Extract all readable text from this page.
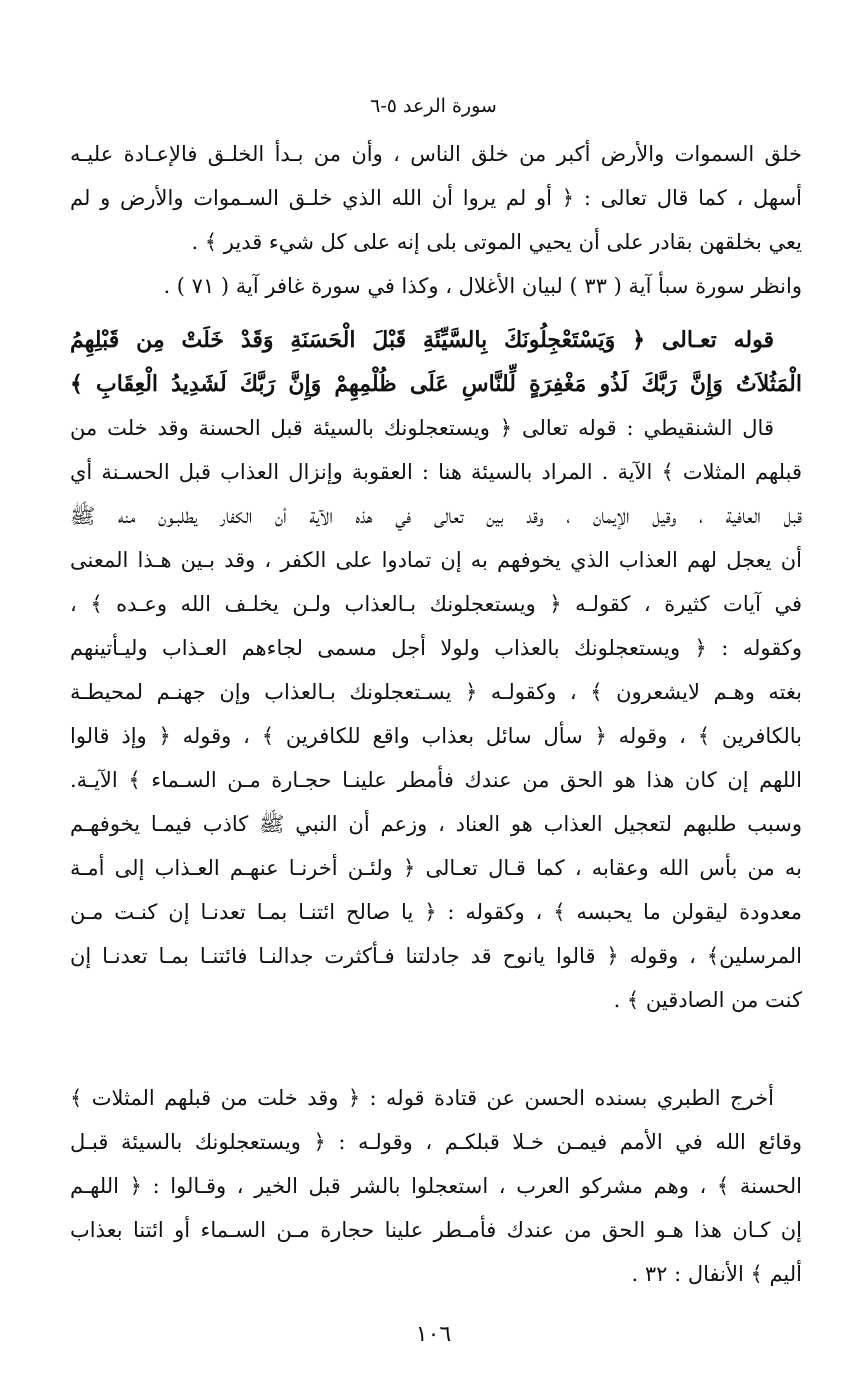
سورة الرعد ٥-٦
خلق السموات والأرض أكبر من خلق الناس ، وأن من بـدأ الخلـق فالإعـادة عليـه
أسهل ، كما قال تعالى : ﴿ أو لم يروا أن الله الذي خلـق السـموات والأرض و لم
يعي بخلقهن بقادر على أن يحيي الموتى بلى إنه على كل شيء قدير ﴾ .
وانظر سورة سبأ آية ( ٣٣ ) لبيان الأغلال ، وكذا في سورة غافر آية ( ٧١ ) .
قوله تعـالى ﴿ وَيَسْتَعْجِلُونَكَ بِالسَّيِّئَةِ قَبْلَ الْحَسَنَةِ وَقَدْ خَلَتْ مِن قَبْلِهِمُ
الْمَثُلاَتُ وَإِنَّ رَبَّكَ لَذُو مَغْفِرَةٍ لِّلنَّاسِ عَلَى ظُلْمِهِمْ وَإِنَّ رَبَّكَ لَشَدِيدُ الْعِقَابِ ﴾
قال الشنقيطي : قوله تعالى ﴿ ويستعجلونك بالسيئة قبل الحسنة وقد خلت من
قبلهم المثلات ﴾ الآية . المراد بالسيئة هنا : العقوبة وإنزال العذاب قبل الحسـنة أي
قبل العافية ، وقيل الإيمان ، وقد بين تعالى في هذه الآية أن الكفار يطلبـون منه ﷺ
أن يعجل لهم العذاب الذي يخوفهم به إن تمادوا على الكفر ، وقد بـين هـذا المعنى
في آيات كثيرة ، كقولـه ﴿ ويستعجلونك بـالعذاب ولـن يخلـف الله وعـده ﴾ ،
وكقوله : ﴿ ويستعجلونك بالعذاب ولولا أجل مسمى لجاءهم العـذاب وليـأتينهم
بغته وهـم لايشعرون ﴾ ، وكقولـه ﴿ يسـتعجلونك بـالعذاب وإن جهنـم لمحيطـة
بالكافرين ﴾ ، وقوله ﴿ سأل سائل بعذاب واقع للكافرين ﴾ ، وقوله ﴿ وإذ قالوا
اللهم إن كان هذا هو الحق من عندك فأمطر علينـا حجـارة مـن السـماء ﴾ الآيـة.
وسبب طلبهم لتعجيل العذاب هو العناد ، وزعم أن النبي ﷺ كاذب فيمـا يخوفهـم
به من بأس الله وعقابه ، كما قـال تعـالى ﴿ ولئـن أخرنـا عنهـم العـذاب إلى أمـة
معدودة ليقولن ما يحبسه ﴾ ، وكقوله : ﴿ يا صالح ائتنـا بمـا تعدنـا إن كنـت مـن
المرسلين﴾ ، وقوله ﴿ قالوا يانوح قد جادلتنا فـأكثرت جدالنـا فائتنـا بمـا تعدنـا إن
كنت من الصادقين ﴾ .
أخرج الطبري بسنده الحسن عن قتادة قوله : ﴿ وقد خلت من قبلهم المثلات ﴾
وقائع الله في الأمم فيمـن خـلا قبلكـم ، وقولـه : ﴿ ويستعجلونك بالسيئة قبـل
الحسنة ﴾ ، وهم مشركو العرب ، استعجلوا بالشر قبل الخير ، وقـالوا : ﴿ اللهـم
إن كـان هذا هـو الحق من عندك فأمـطر علينا حجارة مـن السـماء أو ائتنا بعذاب
أليم ﴾ الأنفال : ٣٢ .
١٠٦
